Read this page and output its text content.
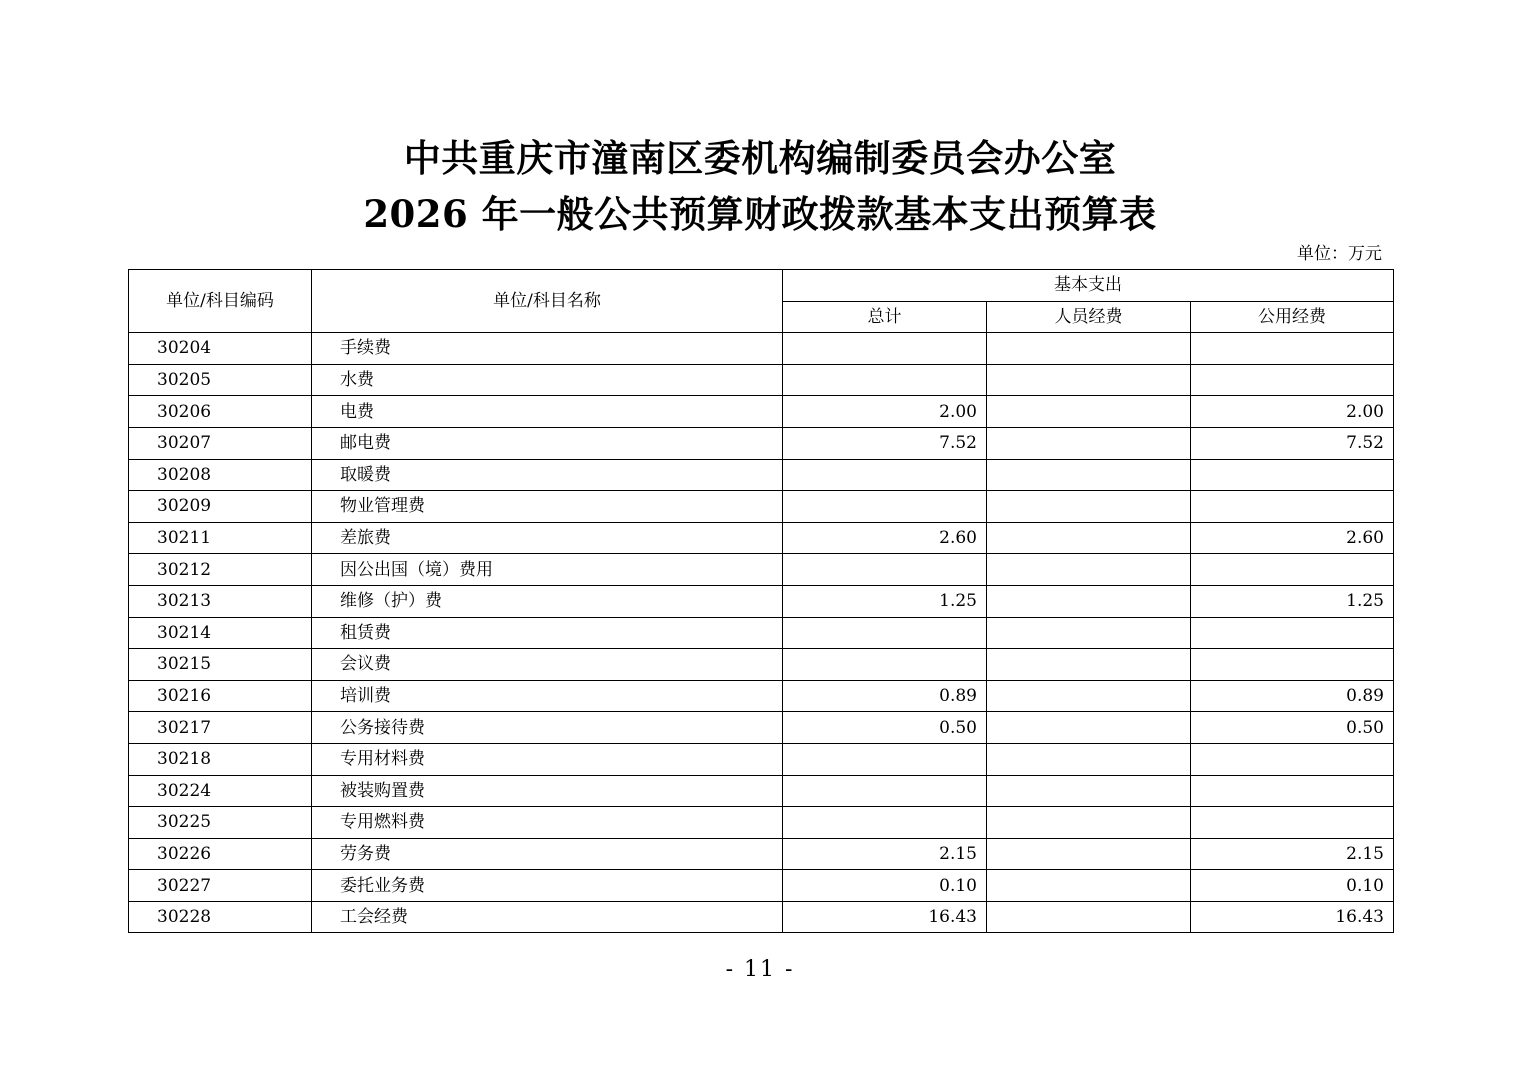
中共重庆市潼南区委机构编制委员会办公室
2026 年一般公共预算财政拨款基本支出预算表
单位：万元
单位/科目编码	单位/科目名称	基本支出		
		总计	人员经费	公用经费
30204	手续费			
30205	水费			
30206	电费	2.00		2.00
30207	邮电费	7.52		7.52
30208	取暖费			
30209	物业管理费			
30211	差旅费	2.60		2.60
30212	因公出国（境）费用			
30213	维修（护）费	1.25		1.25
30214	租赁费			
30215	会议费			
30216	培训费	0.89		0.89
30217	公务接待费	0.50		0.50
30218	专用材料费			
30224	被装购置费			
30225	专用燃料费			
30226	劳务费	2.15		2.15
30227	委托业务费	0.10		0.10
30228	工会经费	16.43		16.43
- 11 -
